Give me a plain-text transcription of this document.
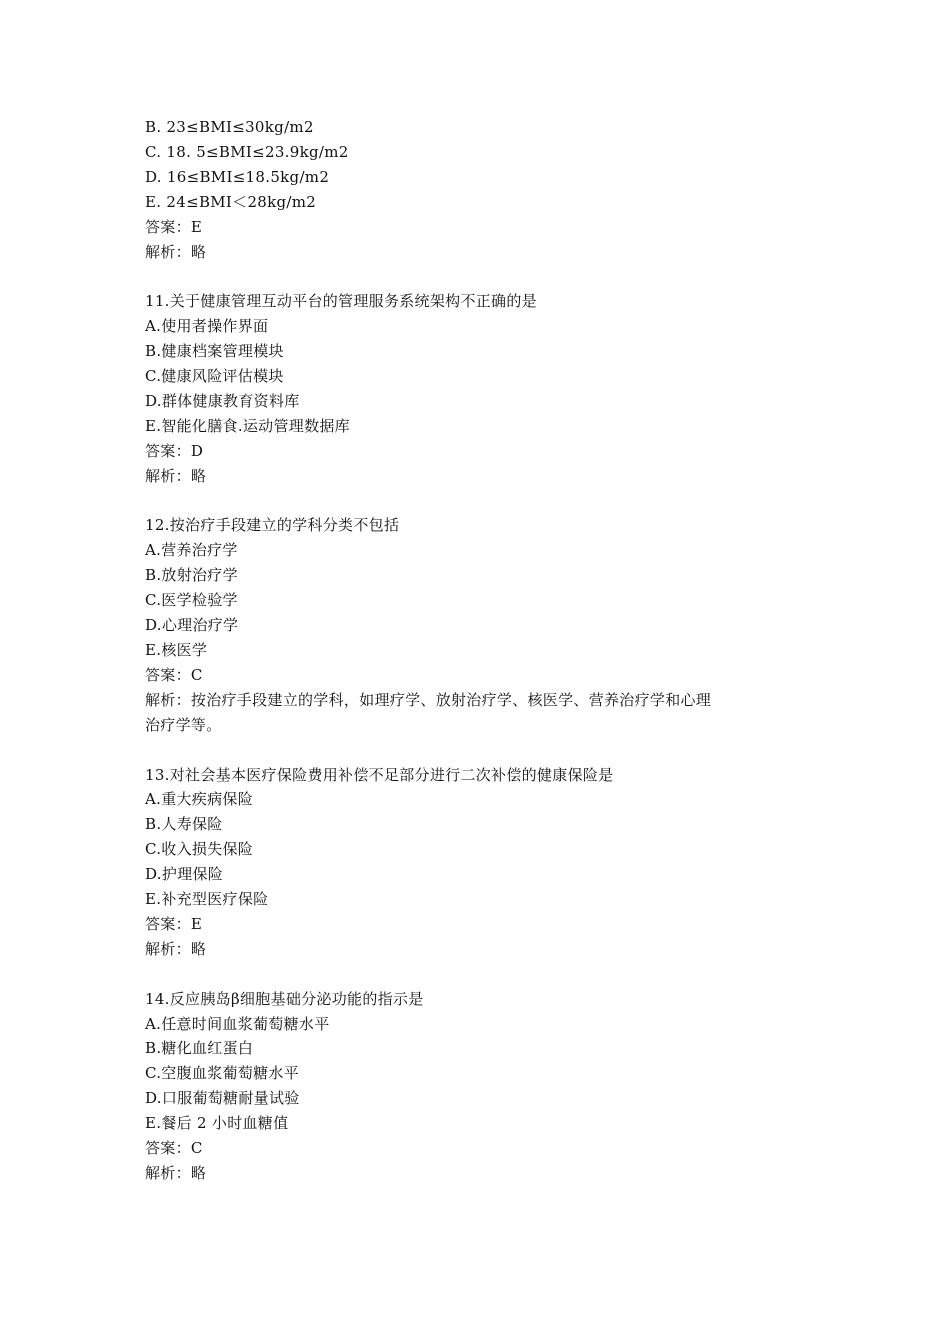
B. 23≤BMI≤30kg/m2
C. 18. 5≤BMI≤23.9kg/m2
D. 16≤BMI≤18.5kg/m2
E. 24≤BMI＜28kg/m2
答案：E
解析：略
11.关于健康管理互动平台的管理服务系统架构不正确的是
A.使用者操作界面
B.健康档案管理模块
C.健康风险评估模块
D.群体健康教育资料库
E.智能化膳食.运动管理数据库
答案：D
解析：略
12.按治疗手段建立的学科分类不包括
A.营养治疗学
B.放射治疗学
C.医学检验学
D.心理治疗学
E.核医学
答案：C
解析：按治疗手段建立的学科，如理疗学、放射治疗学、核医学、营养治疗学和心理
治疗学等。
13.对社会基本医疗保险费用补偿不足部分进行二次补偿的健康保险是
A.重大疾病保险
B.人寿保险
C.收入损失保险
D.护理保险
E.补充型医疗保险
答案：E
解析：略
14.反应胰岛β细胞基础分泌功能的指示是
A.任意时间血浆葡萄糖水平
B.糖化血红蛋白
C.空腹血浆葡萄糖水平
D.口服葡萄糖耐量试验
E.餐后 2 小时血糖值
答案：C
解析：略
